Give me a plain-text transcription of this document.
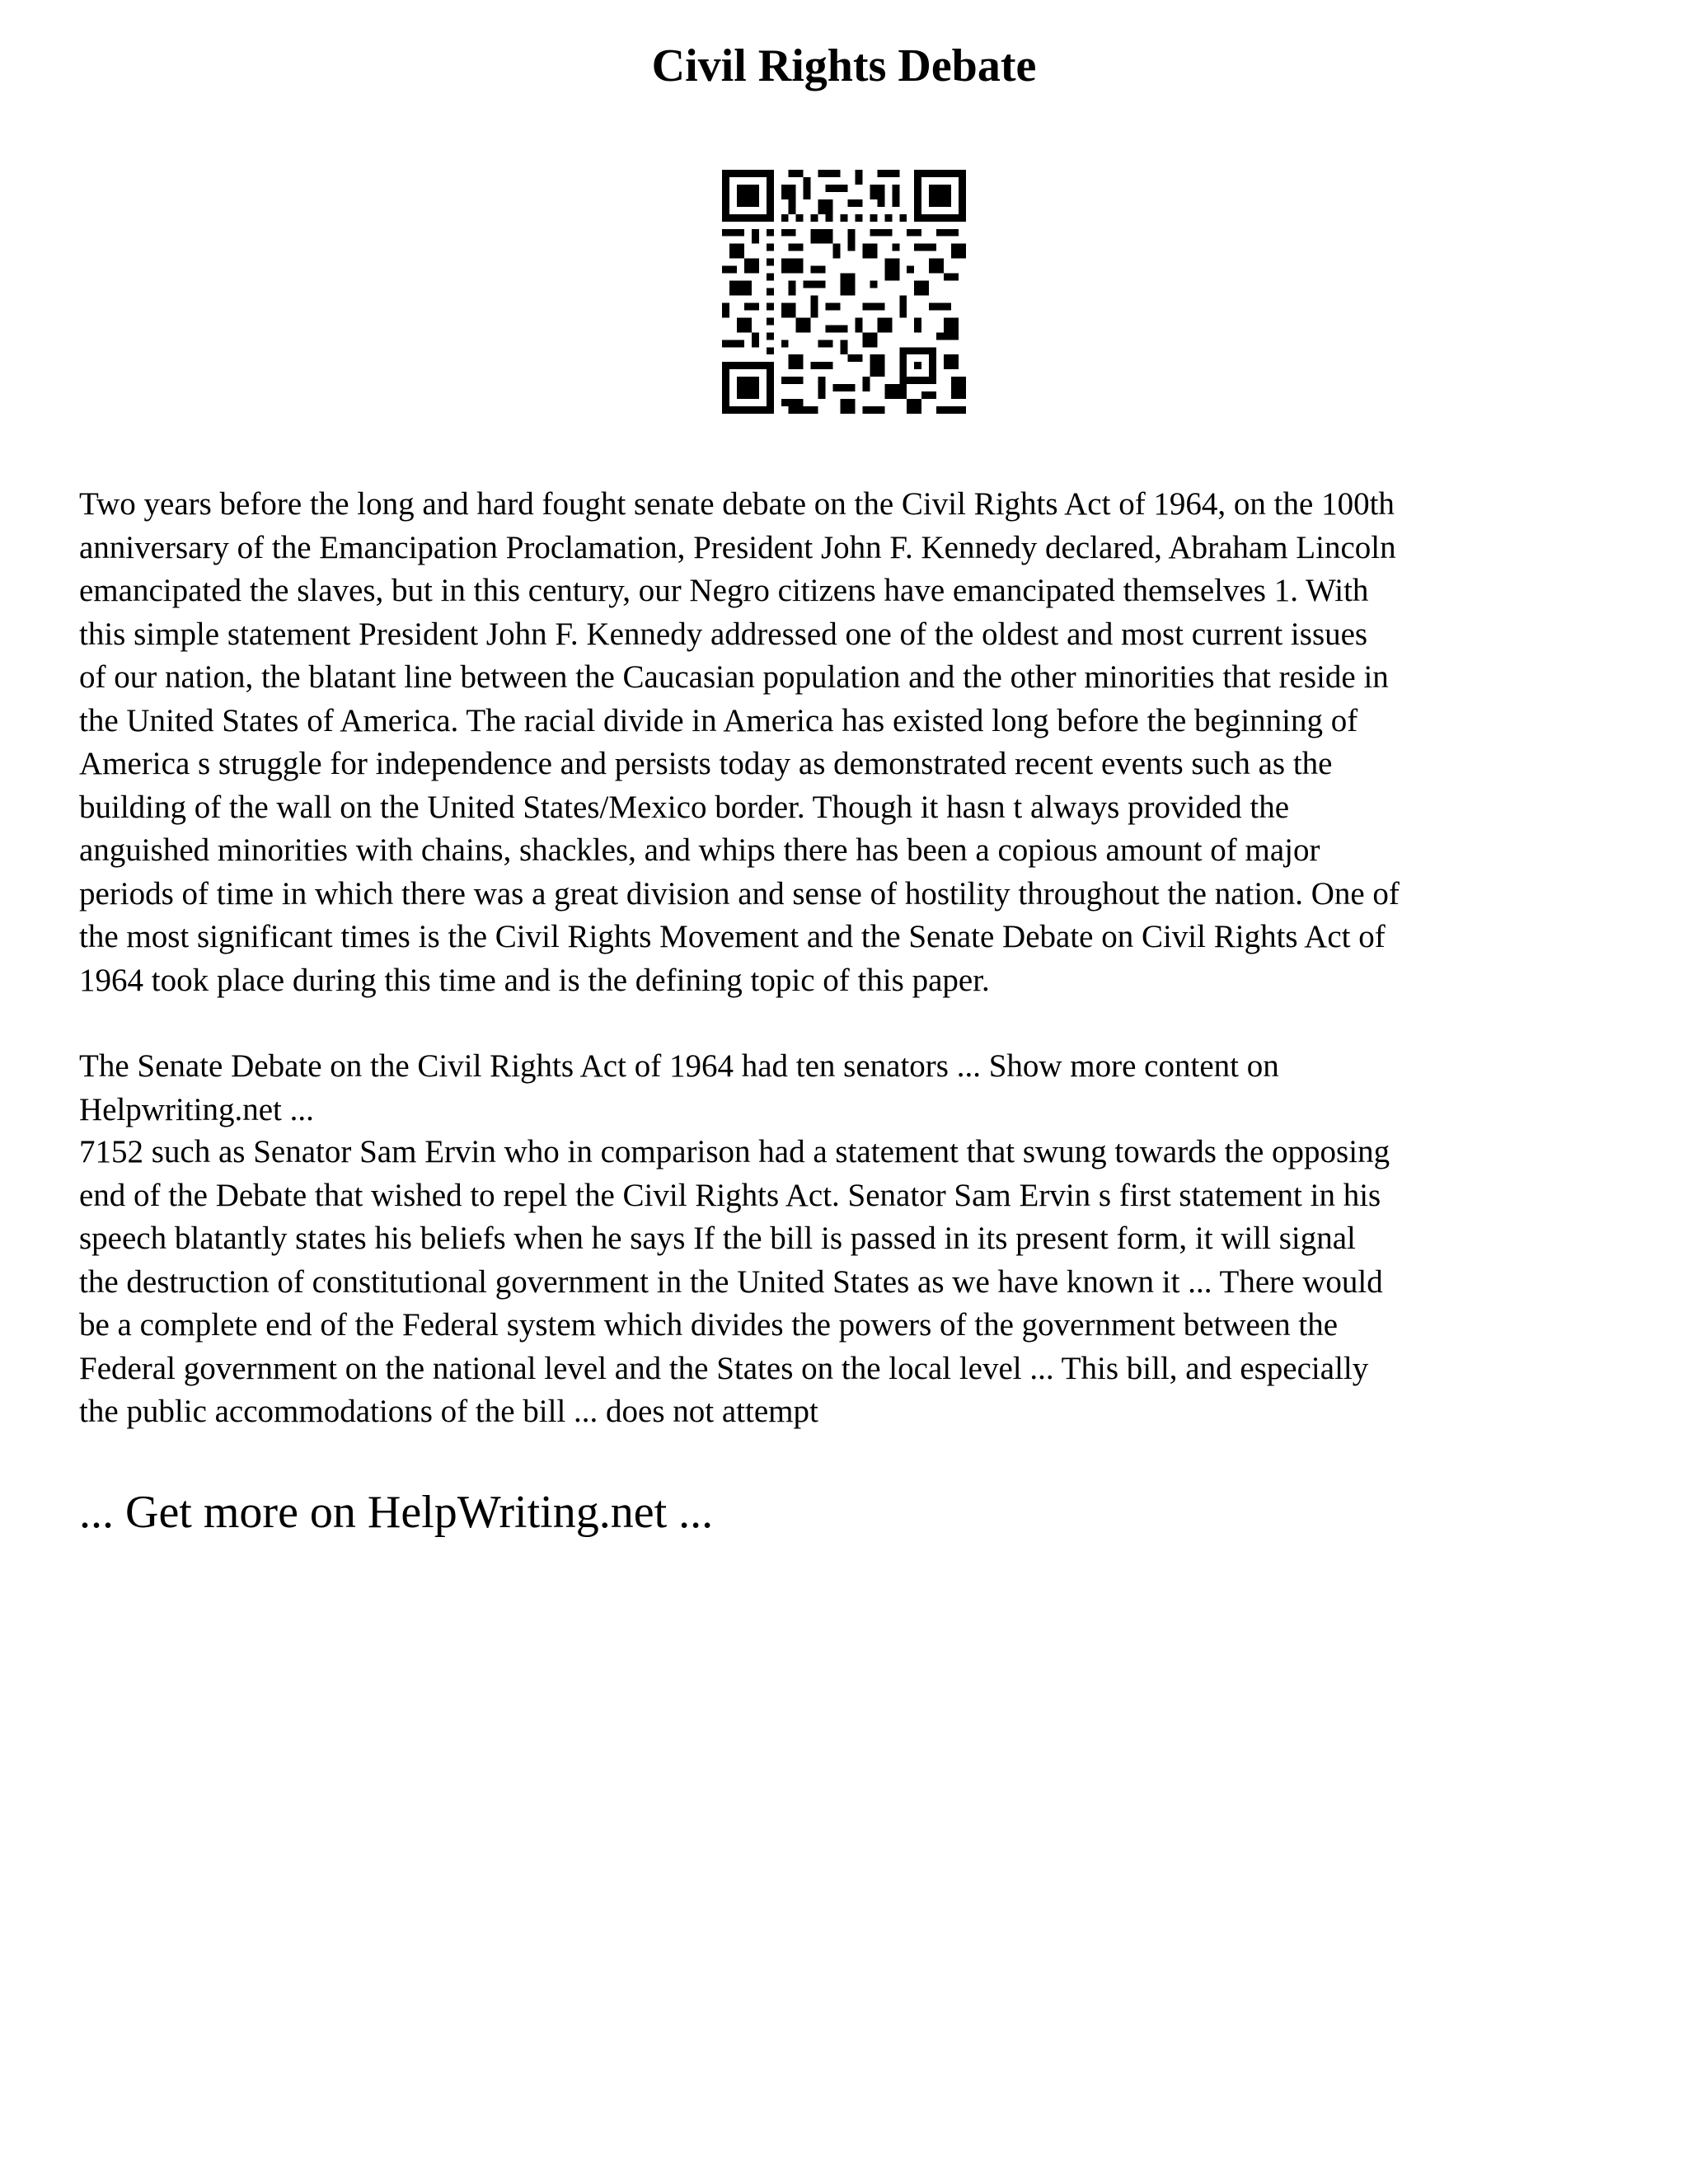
Civil Rights Debate

Two years before the long and hard fought senate debate on the Civil Rights Act of 1964, on the 100th
anniversary of the Emancipation Proclamation, President John F. Kennedy declared, Abraham Lincoln
emancipated the slaves, but in this century, our Negro citizens have emancipated themselves 1. With
this simple statement President John F. Kennedy addressed one of the oldest and most current issues
of our nation, the blatant line between the Caucasian population and the other minorities that reside in
the United States of America. The racial divide in America has existed long before the beginning of
America s struggle for independence and persists today as demonstrated recent events such as the
building of the wall on the United States/Mexico border. Though it hasn t always provided the
anguished minorities with chains, shackles, and whips there has been a copious amount of major
periods of time in which there was a great division and sense of hostility throughout the nation. One of
the most significant times is the Civil Rights Movement and the Senate Debate on Civil Rights Act of
1964 took place during this time and is the defining topic of this paper.

The Senate Debate on the Civil Rights Act of 1964 had ten senators ... Show more content on
Helpwriting.net ...

7152 such as Senator Sam Ervin who in comparison had a statement that swung towards the opposing
end of the Debate that wished to repel the Civil Rights Act. Senator Sam Ervin s first statement in his
speech blatantly states his beliefs when he says If the bill is passed in its present form, it will signal
the destruction of constitutional government in the United States as we have known it ... There would
be a complete end of the Federal system which divides the powers of the government between the
Federal government on the national level and the States on the local level ... This bill, and especially
the public accommodations of the bill ... does not attempt

... Get more on HelpWriting.net ...
